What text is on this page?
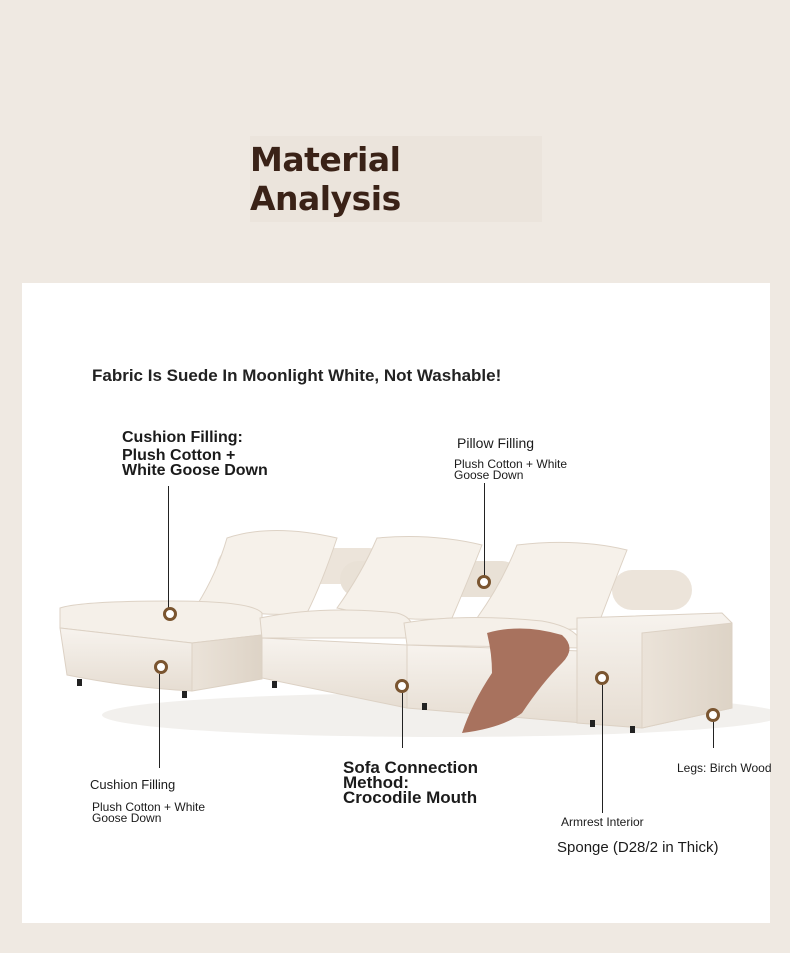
Material Analysis
Fabric Is Suede In Moonlight White, Not Washable!
Cushion Filling:
Plush Cotton +
White Goose Down
Pillow Filling
Plush Cotton + White
Goose Down
Cushion Filling
Plush Cotton + White
Goose Down
Sofa Connection
Method:
Crocodile Mouth
Armrest Interior
Sponge (D28/2 in Thick)
Legs: Birch Wood
